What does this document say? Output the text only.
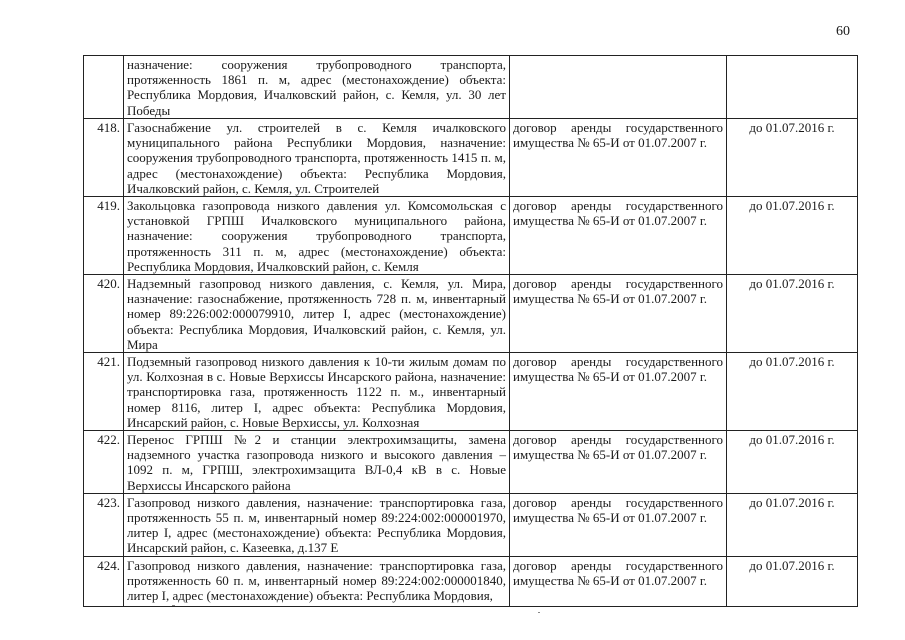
60
	назначение: сооружения трубопроводного транспорта, протяженность 1861 п. м, адрес (местонахождение) объекта: Республика Мордовия, Ичалковский район, с. Кемля, ул. 30 лет Победы		
418.	Газоснабжение ул. строителей в с. Кемля ичалковского муниципального района Республики Мордовия, назначение: сооружения трубопроводного транспорта, протяженность 1415 п. м, адрес (местонахождение) объекта: Республика Мордовия, Ичалковский район, с. Кемля, ул. Строителей	договор аренды государственного имущества № 65-И от 01.07.2007 г.	до 01.07.2016 г.
419.	Закольцовка газопровода низкого давления ул. Комсомольская с установкой ГРПШ Ичалковского муниципального района, назначение: сооружения трубопроводного транспорта, протяженность 311 п. м, адрес (местонахождение) объекта: Республика Мордовия, Ичалковский район, с. Кемля	договор аренды государственного имущества № 65-И от 01.07.2007 г.	до 01.07.2016 г.
420.	Надземный газопровод низкого давления, с. Кемля, ул. Мира, назначение: газоснабжение, протяженность 728 п. м, инвентарный номер 89:226:002:000079910, литер I, адрес (местонахождение) объекта: Республика Мордовия, Ичалковский район, с. Кемля, ул. Мира	договор аренды государственного имущества № 65-И от 01.07.2007 г.	до 01.07.2016 г.
421.	Подземный газопровод низкого давления к 10-ти жилым домам по ул. Колхозная в с. Новые Верхиссы Инсарского района, назначение: транспортировка газа, протяженность 1122 п. м., инвентарный номер 8116, литер I, адрес объекта: Республика Мордовия, Инсарский район, с. Новые Верхиссы, ул. Колхозная	договор аренды государственного имущества № 65-И от 01.07.2007 г.	до 01.07.2016 г.
422.	Перенос ГРПШ №2 и станции электрохимзащиты, замена надземного участка газопровода низкого и высокого давления – 1092 п. м, ГРПШ, электрохимзащита ВЛ-0,4 кВ в с. Новые Верхиссы Инсарского района	договор аренды государственного имущества № 65-И от 01.07.2007 г.	до 01.07.2016 г.
423.	Газопровод низкого давления, назначение: транспортировка газа, протяженность 55 п. м, инвентарный номер 89:224:002:000001970, литер I, адрес (местонахождение) объекта: Республика Мордовия, Инсарский район, с. Казеевка, д.137 Е	договор аренды государственного имущества № 65-И от 01.07.2007 г.	до 01.07.2016 г.
424.	Газопровод низкого давления, назначение: транспортировка газа, протяженность 60 п. м, инвентарный номер 89:224:002:000001840, литер I, адрес (местонахождение) объекта: Республика Мордовия,	договор аренды государственного имущества № 65-И от 01.07.2007 г.	до 01.07.2016 г.
